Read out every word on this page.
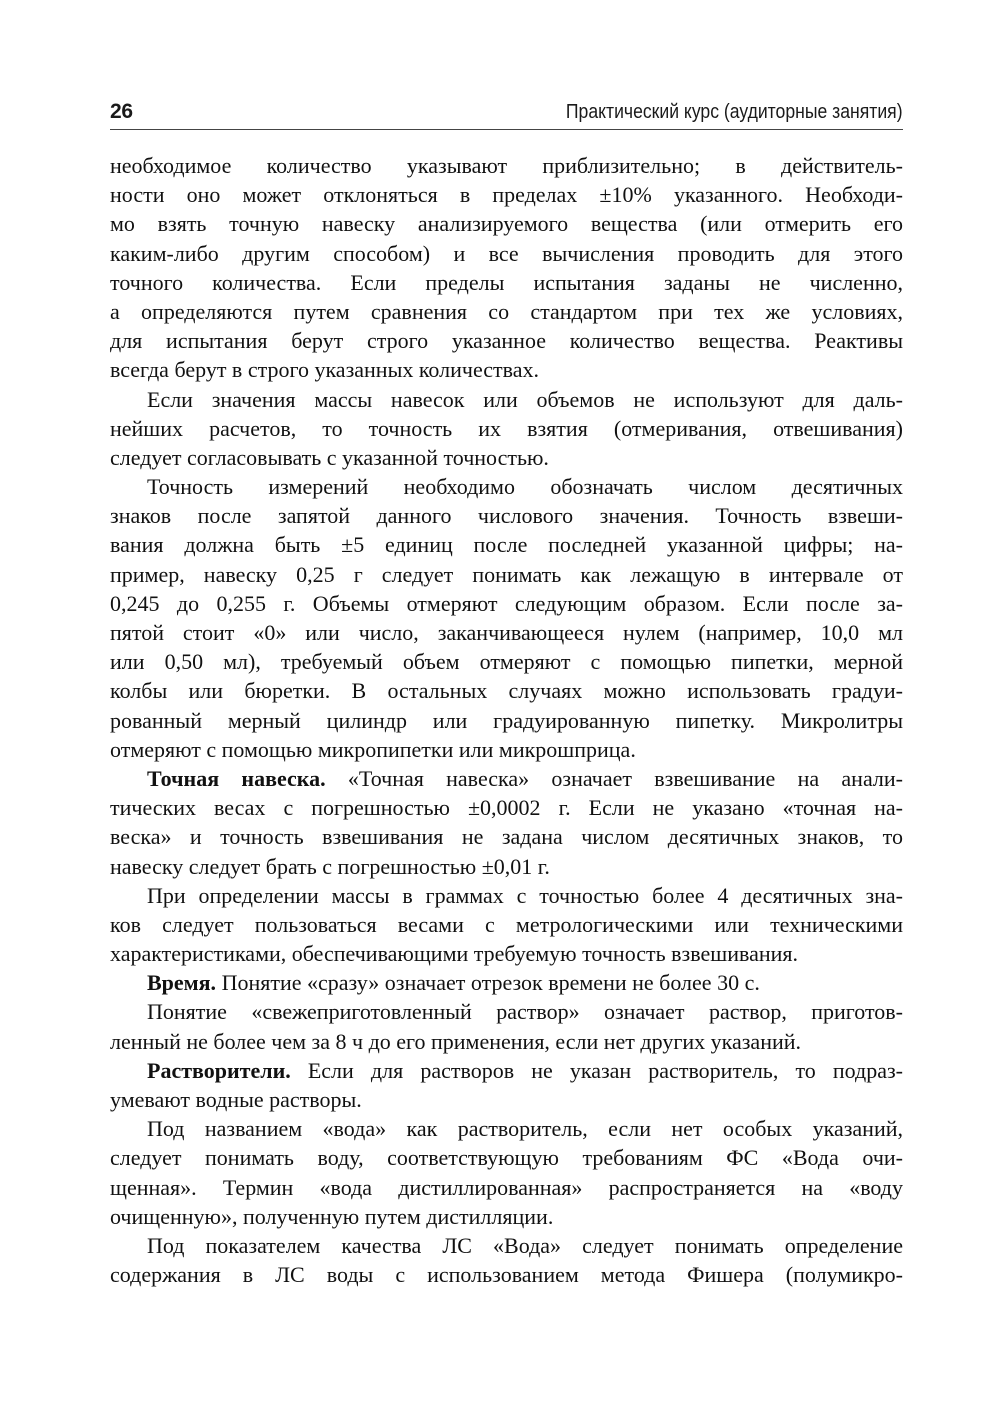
26	Практический курс (аудиторные занятия)
необходимое количество указывают приблизительно; в действитель-
ности оно может отклоняться в пределах ±10% указанного. Необходи-
мо взять точную навеску анализируемого вещества (или отмерить его
каким-либо другим способом) и все вычисления проводить для этого
точного количества. Если пределы испытания заданы не численно,
а определяются путем сравнения со стандартом при тех же условиях,
для испытания берут строго указанное количество вещества. Реактивы
всегда берут в строго указанных количествах.
Если значения массы навесок или объемов не используют для даль-
нейших расчетов, то точность их взятия (отмеривания, отвешивания)
следует согласовывать с указанной точностью.
Точность измерений необходимо обозначать числом десятичных
знаков после запятой данного числового значения. Точность взвеши-
вания должна быть ±5 единиц после последней указанной цифры; на-
пример, навеску 0,25 г следует понимать как лежащую в интервале от
0,245 до 0,255 г. Объемы отмеряют следующим образом. Если после за-
пятой стоит «0» или число, заканчивающееся нулем (например, 10,0 мл
или 0,50 мл), требуемый объем отмеряют с помощью пипетки, мерной
колбы или бюретки. В остальных случаях можно использовать градуи-
рованный мерный цилиндр или градуированную пипетку. Микролитры
отмеряют с помощью микропипетки или микрошприца.
Точная навеска. «Точная навеска» означает взвешивание на анали-
тических весах с погрешностью ±0,0002 г. Если не указано «точная на-
веска» и точность взвешивания не задана числом десятичных знаков, то
навеску следует брать с погрешностью ±0,01 г.
При определении массы в граммах с точностью более 4 десятичных зна-
ков следует пользоваться весами с метрологическими или техническими
характеристиками, обеспечивающими требуемую точность взвешивания.
Время. Понятие «сразу» означает отрезок времени не более 30 с.
Понятие «свежеприготовленный раствор» означает раствор, приготов-
ленный не более чем за 8 ч до его применения, если нет других указаний.
Растворители. Если для растворов не указан растворитель, то подраз-
умевают водные растворы.
Под названием «вода» как растворитель, если нет особых указаний,
следует понимать воду, соответствующую требованиям ФС «Вода очи-
щенная». Термин «вода дистиллированная» распространяется на «воду
очищенную», полученную путем дистилляции.
Под показателем качества ЛС «Вода» следует понимать определение
содержания в ЛС воды с использованием метода Фишера (полумикро-
